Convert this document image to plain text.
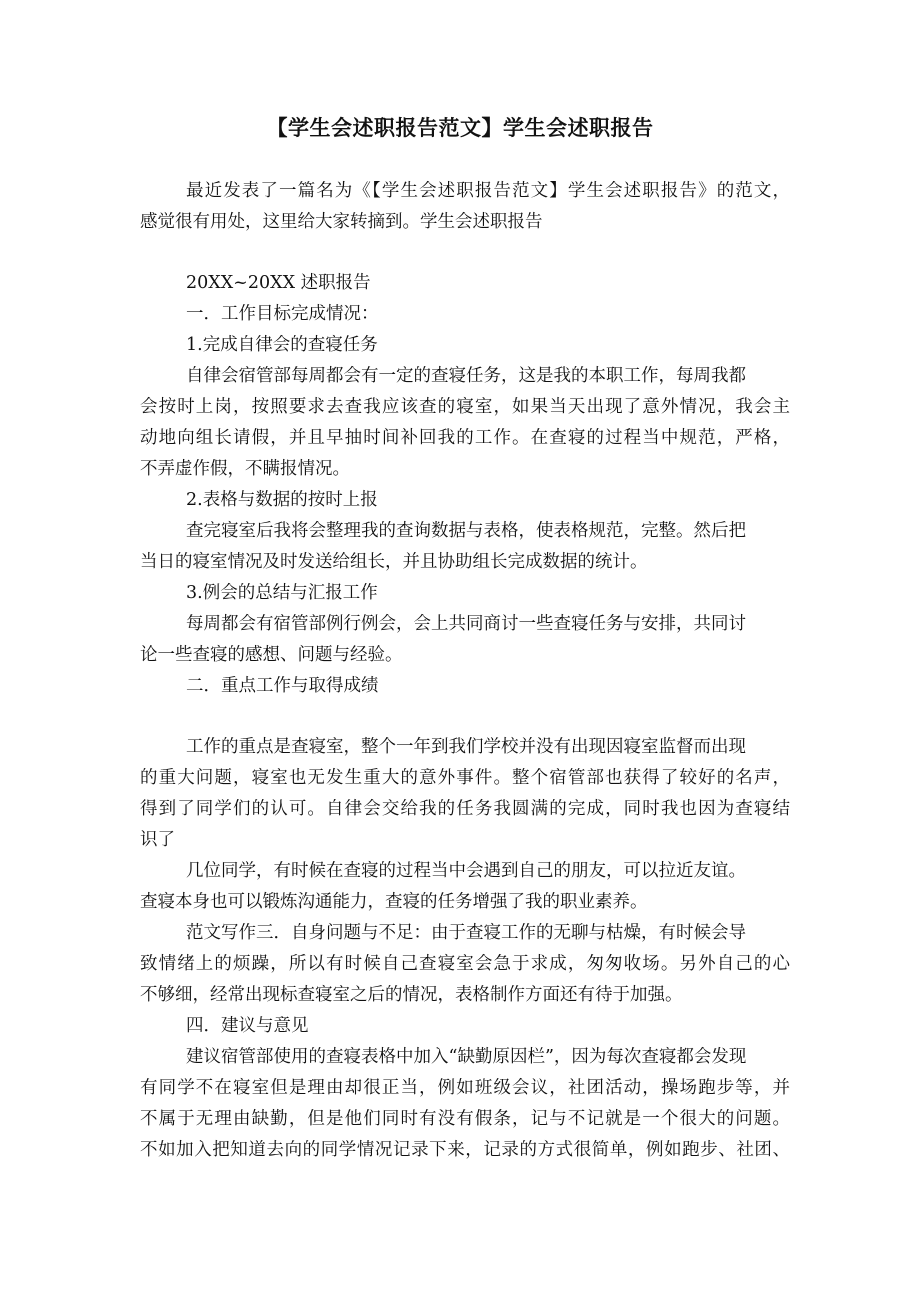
【学生会述职报告范文】学生会述职报告
最近发表了一篇名为《【学生会述职报告范文】学生会述职报告》的范文，
感觉很有用处，这里给大家转摘到。学生会述职报告
20XX~20XX 述职报告
一．工作目标完成情况：
1.完成自律会的查寝任务
自律会宿管部每周都会有一定的查寝任务，这是我的本职工作，每周我都
会按时上岗，按照要求去查我应该查的寝室，如果当天出现了意外情况，我会主
动地向组长请假，并且早抽时间补回我的工作。在查寝的过程当中规范，严格，
不弄虚作假，不瞒报情况。
2.表格与数据的按时上报
查完寝室后我将会整理我的查询数据与表格，使表格规范，完整。然后把
当日的寝室情况及时发送给组长，并且协助组长完成数据的统计。
3.例会的总结与汇报工作
每周都会有宿管部例行例会，会上共同商讨一些查寝任务与安排，共同讨
论一些查寝的感想、问题与经验。
二．重点工作与取得成绩
工作的重点是查寝室，整个一年到我们学校并没有出现因寝室监督而出现
的重大问题，寝室也无发生重大的意外事件。整个宿管部也获得了较好的名声，
得到了同学们的认可。自律会交给我的任务我圆满的完成，同时我也因为查寝结
识了
几位同学，有时候在查寝的过程当中会遇到自己的朋友，可以拉近友谊。
查寝本身也可以锻炼沟通能力，查寝的任务增强了我的职业素养。
范文写作三．自身问题与不足：由于查寝工作的无聊与枯燥，有时候会导
致情绪上的烦躁，所以有时候自己查寝室会急于求成，匆匆收场。另外自己的心
不够细，经常出现标查寝室之后的情况，表格制作方面还有待于加强。
四．建议与意见
建议宿管部使用的查寝表格中加入“缺勤原因栏”，因为每次查寝都会发现
有同学不在寝室但是理由却很正当，例如班级会议，社团活动，操场跑步等，并
不属于无理由缺勤，但是他们同时有没有假条，记与不记就是一个很大的问题。
不如加入把知道去向的同学情况记录下来，记录的方式很简单，例如跑步、社团、
